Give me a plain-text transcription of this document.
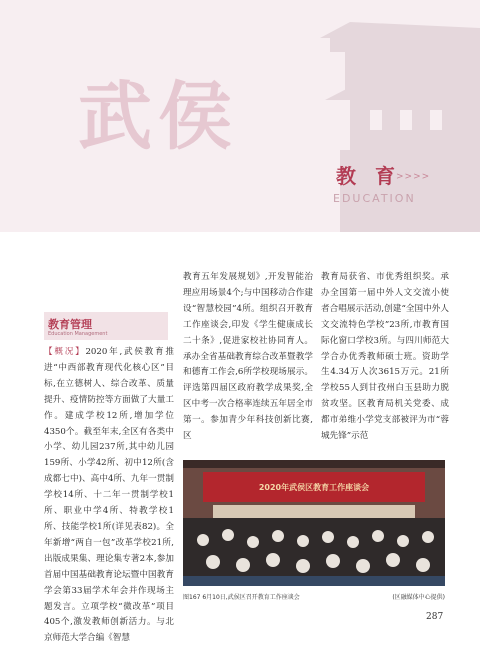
武侯
教 育
>>>>
EDUCATION
教育管理
Education Management
【概况】2020年,武侯教育推进“中西部教育现代化核心区”目标,在立德树人、综合改革、质量提升、疫情防控等方面做了大量工作。建成学校12所,增加学位4350个。截至年末,全区有各类中小学、幼儿园237所,其中幼儿园159所、小学42所、初中12所(含成都七中)、高中4所、九年一贯制学校14所、十二年一贯制学校1所、职业中学4所、特教学校1所、技能学校1所(详见表82)。全年新增“两自一包”改革学校21所,出版成果集、理论集专著2本,参加首届中国基础教育论坛暨中国教育学会第33届学术年会并作现场主题发言。立项学校“微改革”项目405个,激发教师创新活力。与北京师范大学合编《智慧
教育五年发展规划》,开发智能治理应用场景4个;与中国移动合作建设“智慧校园”4所。组织召开教育工作座谈会,印发《学生健康成长二十条》,促进家校社协同育人。承办全省基础教育综合改革暨教学和德育工作会,6所学校现场展示。评选第四届区政府教学成果奖,全区中考一次合格率连续五年居全市第一。参加青少年科技创新比赛,区
教育局获省、市优秀组织奖。承办全国第一届中外人文交流小使者合唱展示活动,创建“全国中外人文交流特色学校”23所,市教育国际化窗口学校3所。与四川师范大学合办优秀教师硕士班。资助学生4.34万人次3615万元。21所学校55人到甘孜州白玉县助力脱贫攻坚。区教育局机关党委、成都市弟维小学党支部被评为市“蓉城先锋”示范
2020年武侯区教育工作座谈会
图167 6月10日,武侯区召开教育工作座谈会	(区融媒体中心提供)
287
